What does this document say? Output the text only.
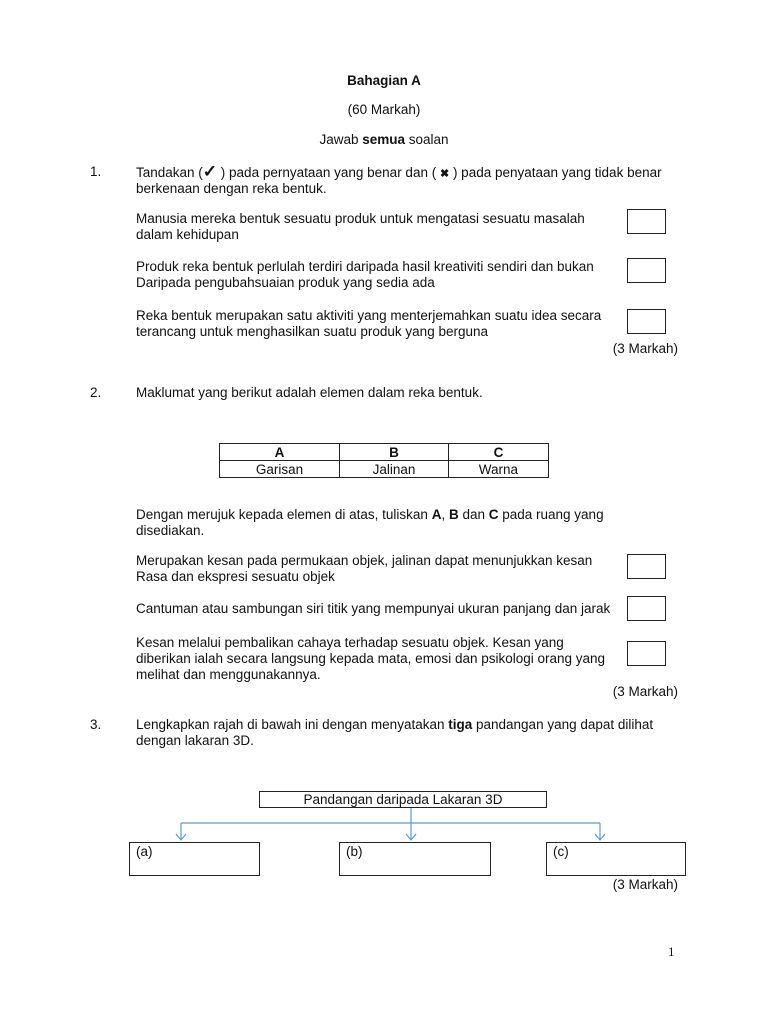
Bahagian A
(60 Markah)
Jawab semua soalan
1.	Tandakan (✓ ) pada pernyataan yang benar dan ( ✖ ) pada penyataan yang tidak benar
berkenaan dengan reka bentuk.
Manusia mereka bentuk sesuatu produk untuk mengatasi sesuatu masalah
dalam kehidupan
Produk reka bentuk perlulah terdiri daripada hasil kreativiti sendiri dan bukan
Daripada pengubahsuaian produk yang sedia ada
Reka bentuk merupakan satu aktiviti yang menterjemahkan suatu idea secara
terancang untuk menghasilkan suatu produk yang berguna
(3 Markah)
2.	Maklumat yang berikut adalah elemen dalam reka bentuk.
A	B	C
Garisan	Jalinan	Warna
Dengan merujuk kepada elemen di atas, tuliskan A, B dan C pada ruang yang
disediakan.
Merupakan kesan pada permukaan objek, jalinan dapat menunjukkan kesan
Rasa dan ekspresi sesuatu objek
Cantuman atau sambungan siri titik yang mempunyai ukuran panjang dan jarak
Kesan melalui pembalikan cahaya terhadap sesuatu objek. Kesan yang
diberikan ialah secara langsung kepada mata, emosi dan psikologi orang yang
melihat dan menggunakannya.
(3 Markah)
3.	Lengkapkan rajah di bawah ini dengan menyatakan tiga pandangan yang dapat dilihat
dengan lakaran 3D.
Pandangan daripada Lakaran 3D
(a)	(b)	(c)
(3 Markah)
1
